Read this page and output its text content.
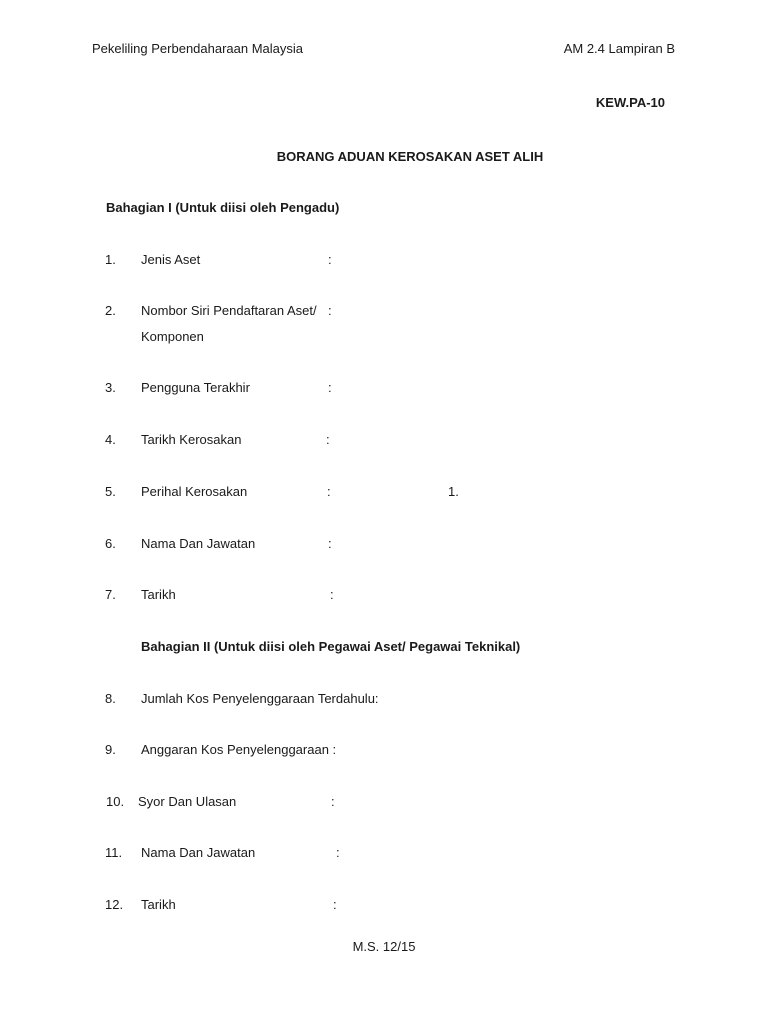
Pekeliling Perbendaharaan Malaysia	AM 2.4 Lampiran B
KEW.PA-10
BORANG ADUAN KEROSAKAN ASET ALIH
Bahagian I (Untuk diisi oleh Pengadu)
1. Jenis Aset	:
2. Nombor Siri Pendaftaran Aset/
Komponen
:
3. Pengguna Terakhir	:
4. Tarikh Kerosakan	:
5. Perihal Kerosakan	:	1.
6. Nama Dan Jawatan	:
7. Tarikh	:
Bahagian II (Untuk diisi oleh Pegawai Aset/ Pegawai Teknikal)
8. Jumlah Kos Penyelenggaraan Terdahulu:
9. Anggaran Kos Penyelenggaraan :
10. Syor Dan Ulasan	:
11. Nama Dan Jawatan	:
12. Tarikh	:
M.S. 12/15
